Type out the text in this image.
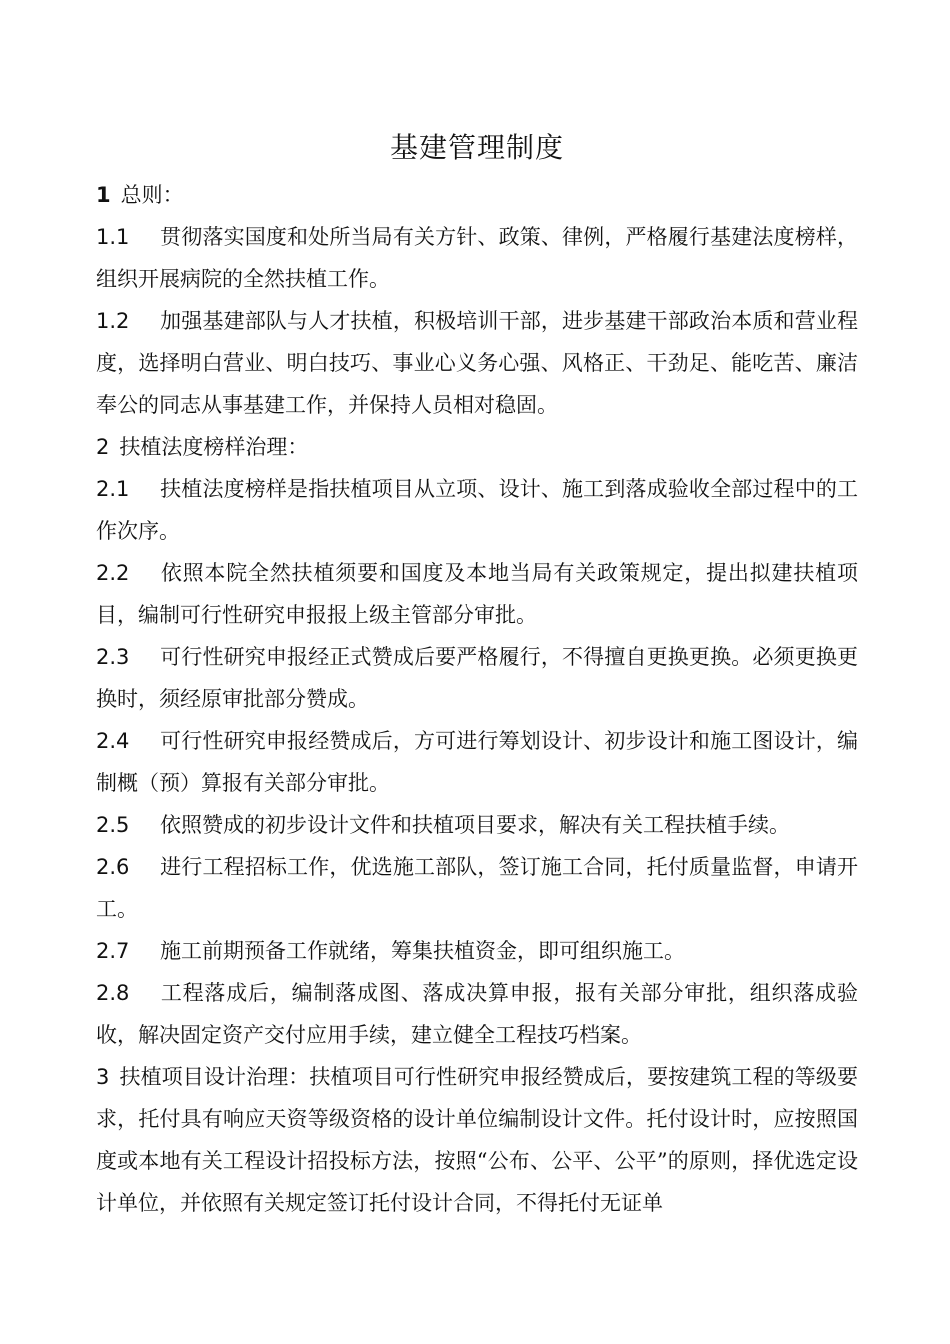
基建管理制度

1 总则：

1.1 贯彻落实国度和处所当局有关方针、政策、律例，严格履行基建法度榜样，组织开展病院的全然扶植工作。

1.2 加强基建部队与人才扶植，积极培训干部，进步基建干部政治本质和营业程度，选择明白营业、明白技巧、事业心义务心强、风格正、干劲足、能吃苦、廉洁奉公的同志从事基建工作，并保持人员相对稳固。

2 扶植法度榜样治理：

2.1 扶植法度榜样是指扶植项目从立项、设计、施工到落成验收全部过程中的工作次序。

2.2 依照本院全然扶植须要和国度及本地当局有关政策规定，提出拟建扶植项目，编制可行性研究申报报上级主管部分审批。

2.3 可行性研究申报经正式赞成后要严格履行，不得擅自更换更换。必须更换更换时，须经原审批部分赞成。

2.4 可行性研究申报经赞成后，方可进行筹划设计、初步设计和施工图设计，编制概（预）算报有关部分审批。

2.5 依照赞成的初步设计文件和扶植项目要求，解决有关工程扶植手续。

2.6 进行工程招标工作，优选施工部队，签订施工合同，托付质量监督，申请开工。

2.7 施工前期预备工作就绪，筹集扶植资金，即可组织施工。

2.8 工程落成后，编制落成图、落成决算申报，报有关部分审批，组织落成验收，解决固定资产交付应用手续，建立健全工程技巧档案。

3 扶植项目设计治理：扶植项目可行性研究申报经赞成后，要按建筑工程的等级要求，托付具有响应天资等级资格的设计单位编制设计文件。托付设计时，应按照国度或本地有关工程设计招投标方法，按照“公布、公平、公平”的原则，择优选定设计单位，并依照有关规定签订托付设计合同，不得托付无证单
